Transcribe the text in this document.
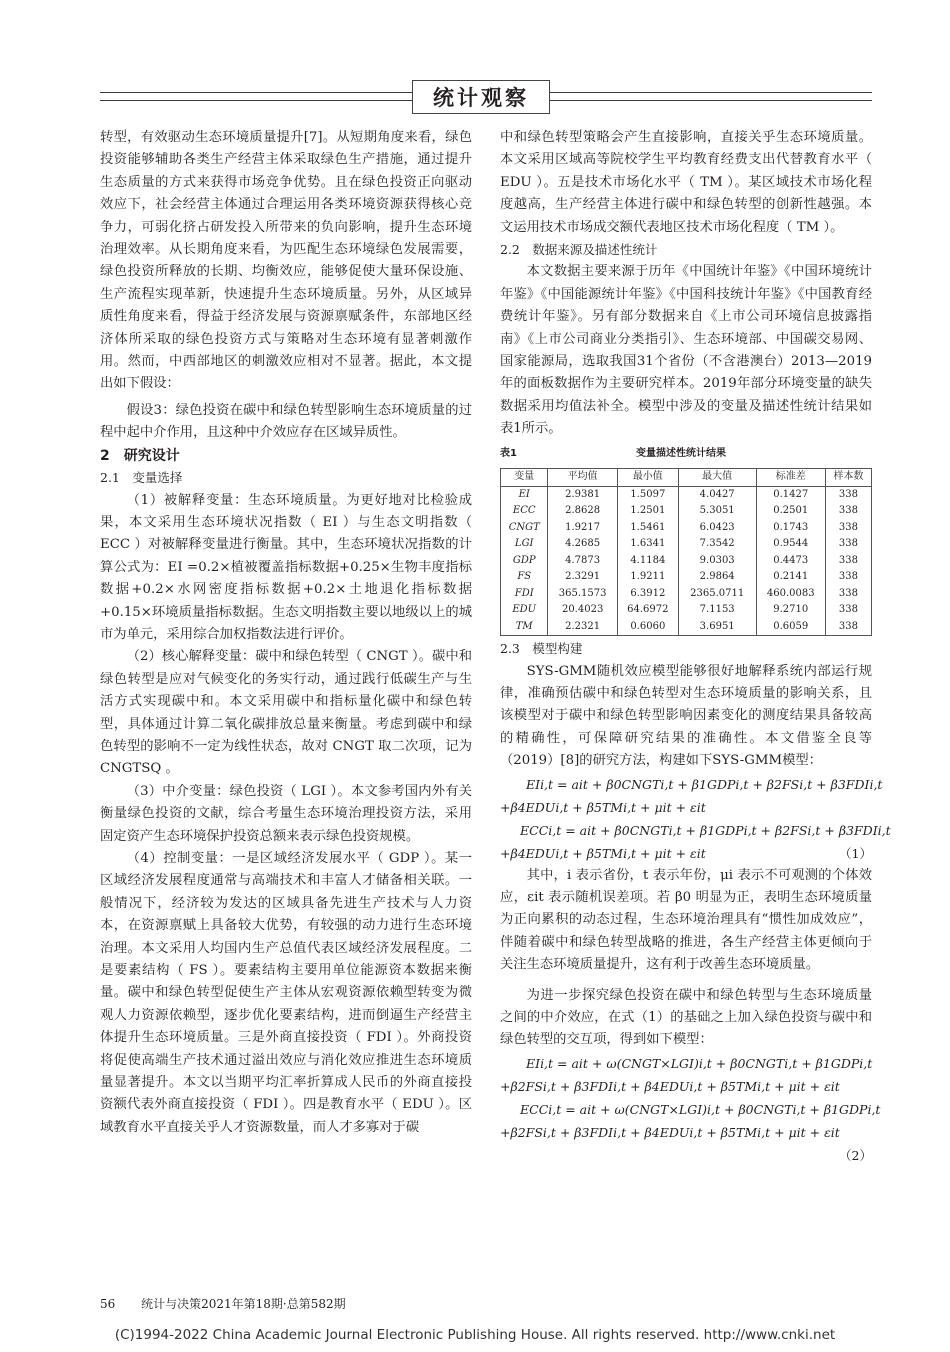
统计观察

转型，有效驱动生态环境质量提升[7]。从短期角度来看，绿色投资能够辅助各类生产经营主体采取绿色生产措施，通过提升生态质量的方式来获得市场竞争优势。且在绿色投资正向驱动效应下，社会经营主体通过合理运用各类环境资源获得核心竞争力，可弱化挤占研发投入所带来的负向影响，提升生态环境治理效率。从长期角度来看，为匹配生态环境绿色发展需要，绿色投资所释放的长期、均衡效应，能够促使大量环保设施、生产流程实现革新，快速提升生态环境质量。另外，从区域异质性角度来看，得益于经济发展与资源禀赋条件，东部地区经济体所采取的绿色投资方式与策略对生态环境有显著刺激作用。然而，中西部地区的刺激效应相对不显著。据此，本文提出如下假设：

假设3：绿色投资在碳中和绿色转型影响生态环境质量的过程中起中介作用，且这种中介效应存在区域异质性。

2　研究设计

2.1　变量选择

（1）被解释变量：生态环境质量。为更好地对比检验成果，本文采用生态环境状况指数（ EI ）与生态文明指数（ ECC ）对被解释变量进行衡量。其中，生态环境状况指数的计算公式为：EI =0.2×植被覆盖指标数据+0.25×生物丰度指标数据+0.2×水网密度指标数据+0.2×土地退化指标数据+0.15×环境质量指标数据。生态文明指数主要以地级以上的城市为单元，采用综合加权指数法进行评价。

（2）核心解释变量：碳中和绿色转型（ CNGT ）。碳中和绿色转型是应对气候变化的务实行动，通过践行低碳生产与生活方式实现碳中和。本文采用碳中和指标量化碳中和绿色转型，具体通过计算二氧化碳排放总量来衡量。考虑到碳中和绿色转型的影响不一定为线性状态，故对 CNGT 取二次项，记为 CNGTSQ 。

（3）中介变量：绿色投资（ LGI ）。本文参考国内外有关衡量绿色投资的文献，综合考量生态环境治理投资方法，采用固定资产生态环境保护投资总额来表示绿色投资规模。

（4）控制变量：一是区域经济发展水平（ GDP ）。某一区域经济发展程度通常与高端技术和丰富人才储备相关联。一般情况下，经济较为发达的区域具备先进生产技术与人力资本，在资源禀赋上具备较大优势，有较强的动力进行生态环境治理。本文采用人均国内生产总值代表区域经济发展程度。二是要素结构（ FS ）。要素结构主要用单位能源资本数据来衡量。碳中和绿色转型促使生产主体从宏观资源依赖型转变为微观人力资源依赖型，逐步优化要素结构，进而倒逼生产经营主体提升生态环境质量。三是外商直接投资（ FDI ）。外商投资将促使高端生产技术通过溢出效应与消化效应推进生态环境质量显著提升。本文以当期平均汇率折算成人民币的外商直接投资额代表外商直接投资（ FDI ）。四是教育水平（ EDU ）。区域教育水平直接关乎人才资源数量，而人才多寡对于碳

中和绿色转型策略会产生直接影响，直接关乎生态环境质量。本文采用区域高等院校学生平均教育经费支出代替教育水平（ EDU ）。五是技术市场化水平（ TM ）。某区域技术市场化程度越高，生产经营主体进行碳中和绿色转型的创新性越强。本文运用技术市场成交额代表地区技术市场化程度（ TM ）。

2.2　数据来源及描述性统计

本文数据主要来源于历年《中国统计年鉴》《中国环境统计年鉴》《中国能源统计年鉴》《中国科技统计年鉴》《中国教育经费统计年鉴》。另有部分数据来自《上市公司环境信息披露指南》《上市公司商业分类指引》、生态环境部、中国碳交易网、国家能源局，选取我国31个省份（不含港澳台）2013—2019年的面板数据作为主要研究样本。2019年部分环境变量的缺失数据采用均值法补全。模型中涉及的变量及描述性统计结果如表1所示。

表1	变量描述性统计结果
变量	平均值	最小值	最大值	标准差	样本数
EI	2.9381	1.5097	4.0427	0.1427	338
ECC	2.8628	1.2501	5.3051	0.2501	338
CNGT	1.9217	1.5461	6.0423	0.1743	338
LGI	4.2685	1.6341	7.3542	0.9544	338
GDP	4.7873	4.1184	9.0303	0.4473	338
FS	2.3291	1.9211	2.9864	0.2141	338
FDI	365.1573	6.3912	2365.0711	460.0083	338
EDU	20.4023	64.6972	7.1153	9.2710	338
TM	2.2321	0.6060	3.6951	0.6059	338

2.3　模型构建

SYS-GMM随机效应模型能够很好地解释系统内部运行规律，准确预估碳中和绿色转型对生态环境质量的影响关系，且该模型对于碳中和绿色转型影响因素变化的测度结果具备较高的精确性，可保障研究结果的准确性。本文借鉴全良等（2019）[8]的研究方法，构建如下SYS-GMM模型：

EIi,t = ait + β0CNGTi,t + β1GDPi,t + β2FSi,t + β3FDIi,t
+β4EDUi,t + β5TMi,t + μit + εit
ECCi,t = ait + β0CNGTi,t + β1GDPi,t + β2FSi,t + β3FDIi,t
+β4EDUi,t + β5TMi,t + μit + εit	（1）

其中，i 表示省份，t 表示年份，μi 表示不可观测的个体效应，εit 表示随机误差项。若 β0 明显为正，表明生态环境质量为正向累积的动态过程，生态环境治理具有“惯性加成效应”，伴随着碳中和绿色转型战略的推进，各生产经营主体更倾向于关注生态环境质量提升，这有利于改善生态环境质量。

为进一步探究绿色投资在碳中和绿色转型与生态环境质量之间的中介效应，在式（1）的基础之上加入绿色投资与碳中和绿色转型的交互项，得到如下模型：

EIi,t = ait + ω(CNGT×LGI)i,t + β0CNGTi,t + β1GDPi,t
+β2FSi,t + β3FDIi,t + β4EDUi,t + β5TMi,t + μit + εit
ECCi,t = ait + ω(CNGT×LGI)i,t + β0CNGTi,t + β1GDPi,t
+β2FSi,t + β3FDIi,t + β4EDUi,t + β5TMi,t + μit + εit
（2）
56 统计与决策2021年第18期·总第582期
(C)1994-2022 China Academic Journal Electronic Publishing House. All rights reserved. http://www.cnki.net
